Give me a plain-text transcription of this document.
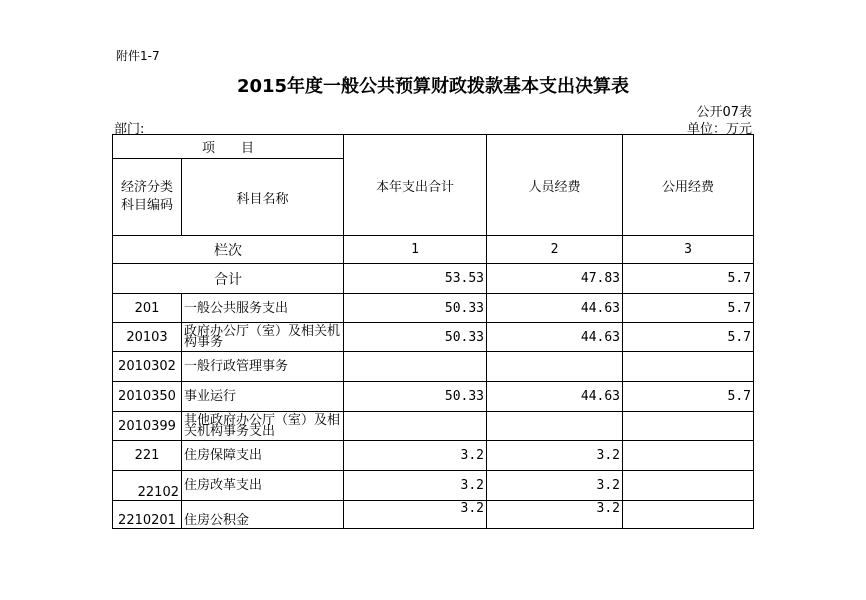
附件1-7
2015年度一般公共预算财政拨款基本支出决算表
公开07表
部门:	单位：万元
项　　目		本年支出合计	人员经费	公用经费
经济分类科目编码	科目名称			
栏次		1	2	3
合计		53.53	47.83	5.7
201	一般公共服务支出	50.33	44.63	5.7
20103	政府办公厅（室）及相关机构事务	50.33	44.63	5.7
2010302	一般行政管理事务			
2010350	事业运行	50.33	44.63	5.7
2010399	其他政府办公厅（室）及相关机构事务支出			
221	住房保障支出	3.2	3.2	
22102	住房改革支出	3.2	3.2	
2210201	住房公积金	3.2	3.2	
